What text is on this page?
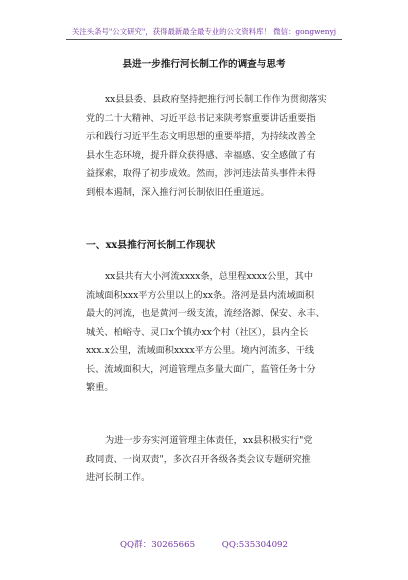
关注头条号"公文研究"，获得最新最全最专业的公文资料库！ 微信：gongwenyj
县进一步推行河长制工作的调查与思考
xx县县委、县政府坚持把推行河长制工作作为贯彻落实
党的二十大精神、习近平总书记来陕考察重要讲话重要指
示和践行习近平生态文明思想的重要举措，为持续改善全
县水生态环境，提升群众获得感、幸福感、安全感做了有
益探索，取得了初步成效。然而，涉河违法苗头事件未得
到根本遏制，深入推行河长制依旧任重道远。
一、xx县推行河长制工作现状
xx县共有大小河流xxxx条，总里程xxxx公里，其中
流域面积xxx平方公里以上的xx条。洛河是县内流域面积
最大的河流，也是黄河一级支流，流经洛源、保安、永丰、
城关、柏峪寺、灵口x个镇办xx个村（社区），县内全长
xxx.x公里，流域面积xxxx平方公里。境内河流多、干线
长、流域面积大，河道管理点多量大面广，监管任务十分
繁重。
为进一步夯实河道管理主体责任，xx县积极实行"党
政同责、一岗双责"，多次召开各级各类会议专题研究推
进河长制工作。
QQ群：30265665	QQ:535304092
